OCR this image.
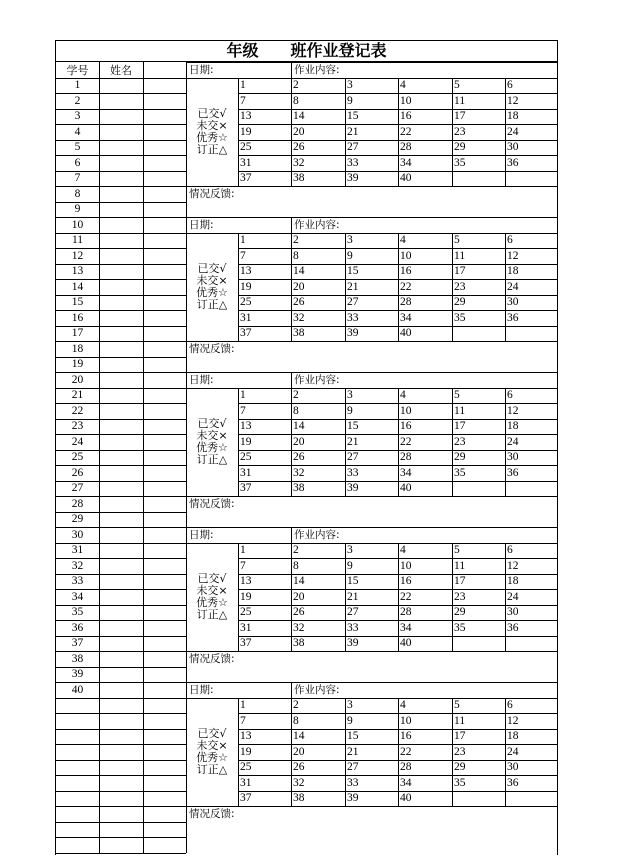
年级　　班作业登记表
学号	姓名
1
2
3
4
5
6
7
8
9
10
11
12
13
14
15
16
17
18
19
20
21
22
23
24
25
26
27
28
29
30
31
32
33
34
35
36
37
38
39
40
日期:	作业内容:
已交√
未交×
优秀☆
订正△
1	2	3	4	5	6
7	8	9	10	11	12
13	14	15	16	17	18
19	20	21	22	23	24
25	26	27	28	29	30
31	32	33	34	35	36
37	38	39	40
情况反馈:
日期:	作业内容:
已交√
未交×
优秀☆
订正△
1	2	3	4	5	6
7	8	9	10	11	12
13	14	15	16	17	18
19	20	21	22	23	24
25	26	27	28	29	30
31	32	33	34	35	36
37	38	39	40
情况反馈:
日期:	作业内容:
已交√
未交×
优秀☆
订正△
1	2	3	4	5	6
7	8	9	10	11	12
13	14	15	16	17	18
19	20	21	22	23	24
25	26	27	28	29	30
31	32	33	34	35	36
37	38	39	40
情况反馈:
日期:	作业内容:
已交√
未交×
优秀☆
订正△
1	2	3	4	5	6
7	8	9	10	11	12
13	14	15	16	17	18
19	20	21	22	23	24
25	26	27	28	29	30
31	32	33	34	35	36
37	38	39	40
情况反馈:
日期:	作业内容:
已交√
未交×
优秀☆
订正△
1	2	3	4	5	6
7	8	9	10	11	12
13	14	15	16	17	18
19	20	21	22	23	24
25	26	27	28	29	30
31	32	33	34	35	36
37	38	39	40
情况反馈:
